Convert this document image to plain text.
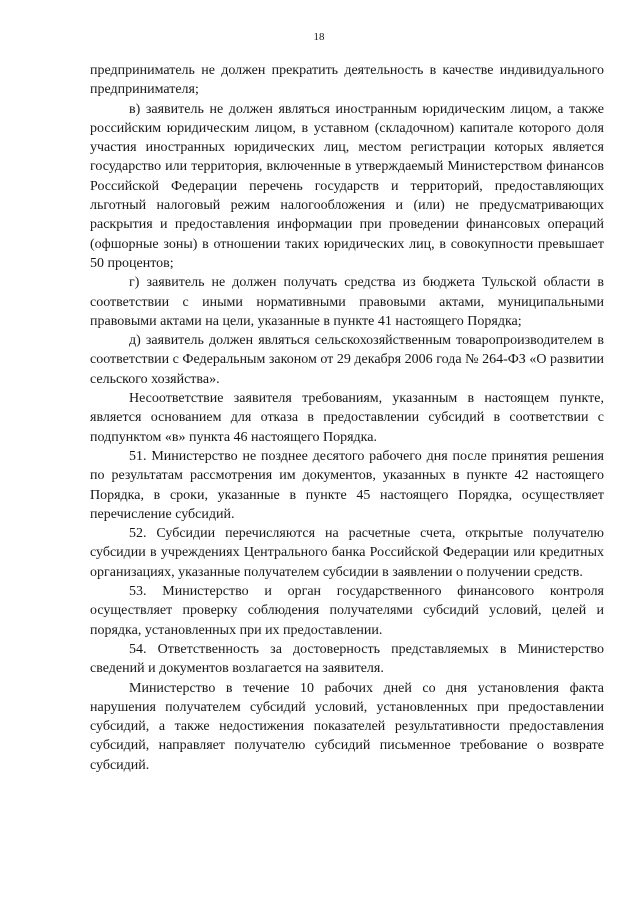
18

предприниматель не должен прекратить деятельность в качестве индивидуального предпринимателя;

в) заявитель не должен являться иностранным юридическим лицом, а также российским юридическим лицом, в уставном (складочном) капитале которого доля участия иностранных юридических лиц, местом регистрации которых является государство или территория, включенные в утверждаемый Министерством финансов Российской Федерации перечень государств и территорий, предоставляющих льготный налоговый режим налогообложения и (или) не предусматривающих раскрытия и предоставления информации при проведении финансовых операций (офшорные зоны) в отношении таких юридических лиц, в совокупности превышает 50 процентов;

г) заявитель не должен получать средства из бюджета Тульской области в соответствии с иными нормативными правовыми актами, муниципальными правовыми актами на цели, указанные в пункте 41 настоящего Порядка;

д) заявитель должен являться сельскохозяйственным товаропроизводителем в соответствии с Федеральным законом от 29 декабря 2006 года № 264-ФЗ «О развитии сельского хозяйства».

Несоответствие заявителя требованиям, указанным в настоящем пункте, является основанием для отказа в предоставлении субсидий в соответствии с подпунктом «в» пункта 46 настоящего Порядка.

51. Министерство не позднее десятого рабочего дня после принятия решения по результатам рассмотрения им документов, указанных в пункте 42 настоящего Порядка, в сроки, указанные в пункте 45 настоящего Порядка, осуществляет перечисление субсидий.

52. Субсидии перечисляются на расчетные счета, открытые получателю субсидии в учреждениях Центрального банка Российской Федерации или кредитных организациях, указанные получателем субсидии в заявлении о получении средств.

53. Министерство и орган государственного финансового контроля осуществляет проверку соблюдения получателями субсидий условий, целей и порядка, установленных при их предоставлении.

54. Ответственность за достоверность представляемых в Министерство сведений и документов возлагается на заявителя.

Министерство в течение 10 рабочих дней со дня установления факта нарушения получателем субсидий условий, установленных при предоставлении субсидий, а также недостижения показателей результативности предоставления субсидий, направляет получателю субсидий письменное требование о возврате субсидий.
